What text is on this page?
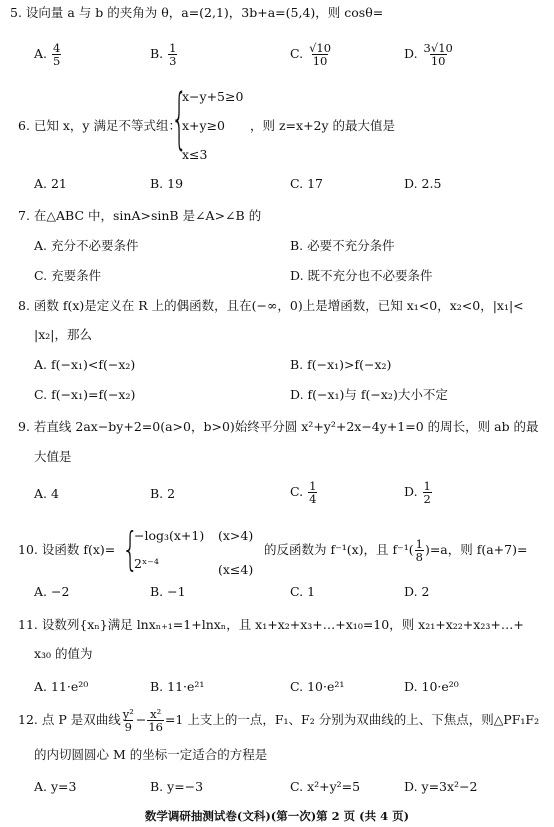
5. 设向量 a 与 b 的夹角为 θ，a=(2,1)，3b+a=(5,4)，则 cosθ=
A. $\frac{4}{5}$	B. $\frac{1}{3}$	C. $\frac{√10}{10}$	D. $\frac{3√10}{10}$
6. 已知 x，y 满足不等式组：
{
x−y+5≥0
x+y≥0
x≤3
，则 z=x+2y 的最大值是
A. 21	B. 19	C. 17	D. 2.5
7. 在△ABC 中，sinA>sinB 是∠A>∠B 的
A. 充分不必要条件	B. 必要不充分条件
C. 充要条件	D. 既不充分也不必要条件
8. 函数 f(x)是定义在 R 上的偶函数，且在(−∞，0)上是增函数，已知 x₁<0，x₂<0，|x₁|<
|x₂|，那么
A. f(−x₁)<f(−x₂)	B. f(−x₁)>f(−x₂)
C. f(−x₁)=f(−x₂)	D. f(−x₁)与 f(−x₂)大小不定
9. 若直线 2ax−by+2=0(a>0，b>0)始终平分圆 x²+y²+2x−4y+1=0 的周长，则 ab 的最
大值是
A. 4	B. 2	C. $\frac{1}{4}$	D. $\frac{1}{2}$
10. 设函数 f(x)= {
−log₃(x+1) (x>4)
2ˣ⁻⁴	(x≤4)
的反函数为 f⁻¹(x)，且 $f^{-1}( \frac{1}{8} )=a$，则 f(a+7)=
A. −2	B. −1	C. 1	D. 2
11. 设数列{xₙ}满足 lnxₙ₊₁=1+lnxₙ，且 x₁+x₂+x₃+…+x₁₀=10，则 x₂₁+x₂₂+x₂₃+…+
x₃₀ 的值为
A. 11·e²⁰	B. 11·e²¹	C. 10·e²¹	D. 10·e²⁰
12. 点 P 是双曲线 $\frac{\text{y²}}{9} - \frac{\text{x²}}{16} =1$ 上支上的一点，F₁、F₂ 分别为双曲线的上、下焦点，则△PF₁F₂
的内切圆圆心 M 的坐标一定适合的方程是
A. y=3	B. y=−3	C. x²+y²=5	D. y=3x²−2
数学调研抽测试卷(文科)(第一次)第 2 页 (共 4 页)
